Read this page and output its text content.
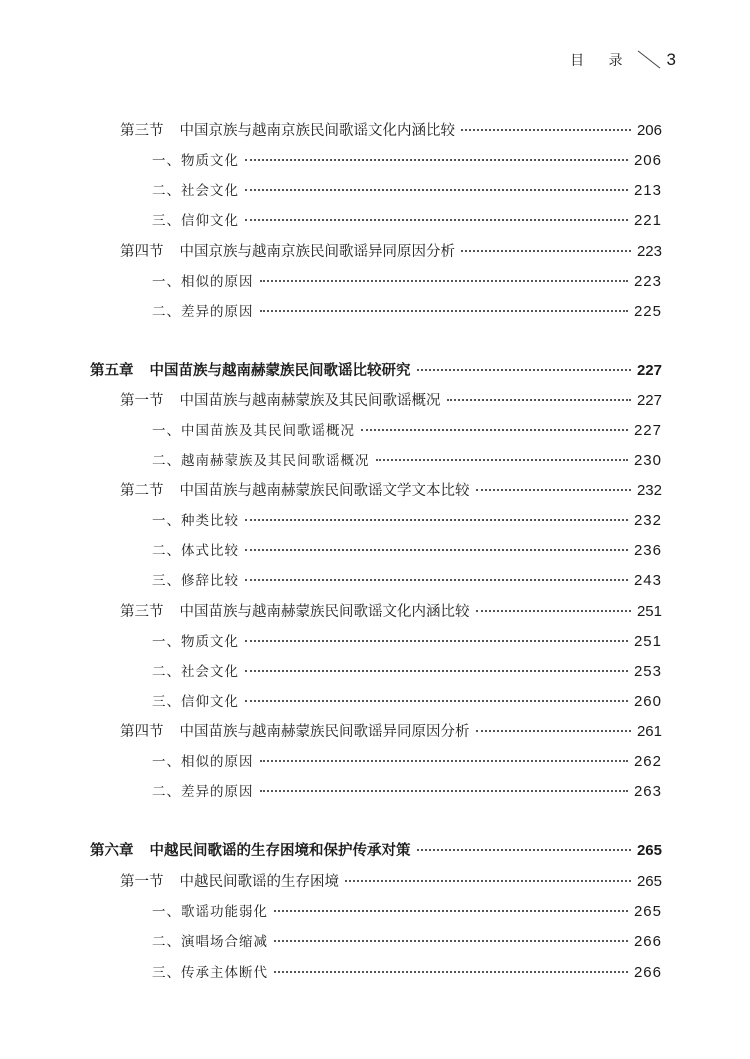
目 录 3
第三节 中国京族与越南京族民间歌谣文化内涵比较	206
一、物质文化	206
二、社会文化	213
三、信仰文化	221
第四节 中国京族与越南京族民间歌谣异同原因分析	223
一、相似的原因	223
二、差异的原因	225
第五章 中国苗族与越南赫蒙族民间歌谣比较研究	227
第一节 中国苗族与越南赫蒙族及其民间歌谣概况	227
一、中国苗族及其民间歌谣概况	227
二、越南赫蒙族及其民间歌谣概况	230
第二节 中国苗族与越南赫蒙族民间歌谣文学文本比较	232
一、种类比较	232
二、体式比较	236
三、修辞比较	243
第三节 中国苗族与越南赫蒙族民间歌谣文化内涵比较	251
一、物质文化	251
二、社会文化	253
三、信仰文化	260
第四节 中国苗族与越南赫蒙族民间歌谣异同原因分析	261
一、相似的原因	262
二、差异的原因	263
第六章 中越民间歌谣的生存困境和保护传承对策	265
第一节 中越民间歌谣的生存困境	265
一、歌谣功能弱化	265
二、演唱场合缩减	266
三、传承主体断代	266
